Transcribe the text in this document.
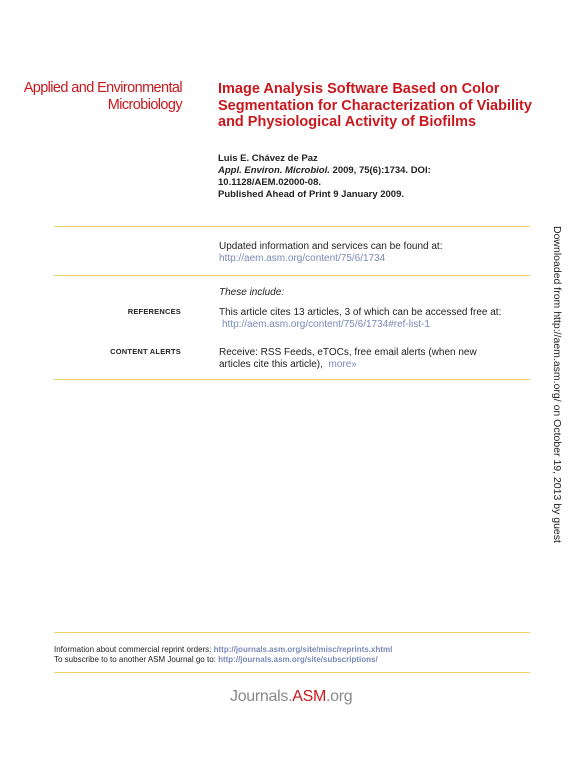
Applied and Environmental
Microbiology
Image Analysis Software Based on Color Segmentation for Characterization of Viability and Physiological Activity of Biofilms
Luis E. Chávez de Paz
Appl. Environ. Microbiol. 2009, 75(6):1734. DOI:
10.1128/AEM.02000-08.
Published Ahead of Print 9 January 2009.
Updated information and services can be found at:
http://aem.asm.org/content/75/6/1734
These include:
REFERENCES	This article cites 13 articles, 3 of which can be accessed free at:
http://aem.asm.org/content/75/6/1734#ref-list-1
CONTENT ALERTS	Receive: RSS Feeds, eTOCs, free email alerts (when new
articles cite this article), more»
Information about commercial reprint orders: http://journals.asm.org/site/misc/reprints.xhtml
To subscribe to to another ASM Journal go to: http://journals.asm.org/site/subscriptions/
Journals.ASM.org
Downloaded from http://aem.asm.org/ on October 19, 2013 by guest
